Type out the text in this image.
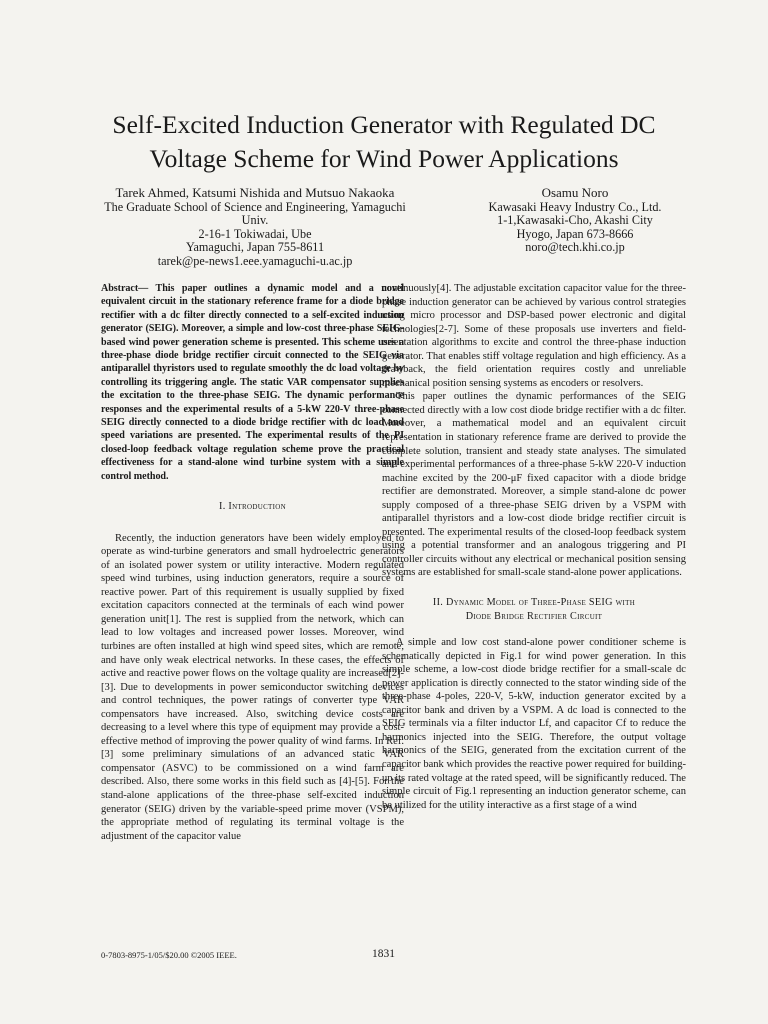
Self-Excited Induction Generator with Regulated DC
Voltage Scheme for Wind Power Applications
Tarek Ahmed, Katsumi Nishida and Mutsuo Nakaoka
The Graduate School of Science and Engineering, Yamaguchi Univ.
2-16-1 Tokiwadai, Ube
Yamaguchi, Japan 755-8611
tarek@pe-news1.eee.yamaguchi-u.ac.jp
Osamu Noro
Kawasaki Heavy Industry Co., Ltd.
1-1,Kawasaki-Cho, Akashi City
Hyogo, Japan 673-8666
noro@tech.khi.co.jp

Abstract— This paper outlines a dynamic model and a novel equivalent circuit in the stationary reference frame for a diode bridge rectifier with a dc filter directly connected to a self-excited induction generator (SEIG). Moreover, a simple and low-cost three-phase SEIG-based wind power generation scheme is presented. This scheme uses a three-phase diode bridge rectifier circuit connected to the SEIG via antiparallel thyristors used to regulate smoothly the dc load voltage by controlling its triggering angle. The static VAR compensator supplies the excitation to the three-phase SEIG. The dynamic performance responses and the experimental results of a 5-kW 220-V three-phase SEIG directly connected to a diode bridge rectifier with dc load and speed variations are presented. The experimental results of the PI closed-loop feedback voltage regulation scheme prove the practical effectiveness for a stand-alone wind turbine system with a simple control method.

I. Introduction

Recently, the induction generators have been widely employed to operate as wind-turbine generators and small hydroelectric generators of an isolated power system or utility interactive. Modern regulated speed wind turbines, using induction generators, require a source of reactive power. Part of this requirement is usually supplied by fixed excitation capacitors connected at the terminals of each wind power generation unit[1]. The rest is supplied from the network, which can lead to low voltages and increased power losses. Moreover, wind turbines are often installed at high wind speed sites, which are remote, and have only weak electrical networks. In these cases, the effects of active and reactive power flows on the voltage quality are increased[2]-[3]. Due to developments in power semiconductor switching devices and control techniques, the power ratings of converter type VAR compensators have increased. Also, switching device costs are decreasing to a level where this type of equipment may provide a cost-effective method of improving the power quality of wind farms. In Ref. [3] some preliminary simulations of an advanced static VAR compensator (ASVC) to be commissioned on a wind farm are described. Also, there some works in this field such as [4]-[5]. For the stand-alone applications of the three-phase self-excited induction generator (SEIG) driven by the variable-speed prime mover (VSPM), the appropriate method of regulating its terminal voltage is the adjustment of the capacitor value

continuously[4]. The adjustable excitation capacitor value for the three-phase induction generator can be achieved by various control strategies using micro processor and DSP-based power electronic and digital technologies[2-7]. Some of these proposals use inverters and field-orientation algorithms to excite and control the three-phase induction generator. That enables stiff voltage regulation and high efficiency. As a drawback, the field orientation requires costly and unreliable mechanical position sensing systems as encoders or resolvers.

This paper outlines the dynamic performances of the SEIG connected directly with a low cost diode bridge rectifier with a dc filter. Moreover, a mathematical model and an equivalent circuit representation in stationary reference frame are derived to provide the complete solution, transient and steady state analyses. The simulated and experimental performances of a three-phase 5-kW 220-V induction machine excited by the 200-μF fixed capacitor with a diode bridge rectifier are demonstrated. Moreover, a simple stand-alone dc power supply composed of a three-phase SEIG driven by a VSPM with antiparallel thyristors and a low-cost diode bridge rectifier circuit is presented. The experimental results of the closed-loop feedback system using a potential transformer and an analogous triggering and PI controller circuits without any electrical or mechanical position sensing systems are established for small-scale stand-alone power applications.

II. Dynamic Model of Three-Phase SEIG with
Diode Bridge Rectifier Circuit

A simple and low cost stand-alone power conditioner scheme is schematically depicted in Fig.1 for wind power generation. In this simple scheme, a low-cost diode bridge rectifier for a small-scale dc power application is directly connected to the stator winding side of the three-phase 4-poles, 220-V, 5-kW, induction generator excited by a capacitor bank and driven by a VSPM. A dc load is connected to the SEIG terminals via a filter inductor Lf, and capacitor Cf to reduce the harmonics injected into the SEIG. Therefore, the output voltage harmonics of the SEIG, generated from the excitation current of the capacitor bank which provides the reactive power required for building-up its rated voltage at the rated speed, will be significantly reduced. The simple circuit of Fig.1 representing an induction generator scheme, can be utilized for the utility interactive as a first stage of a wind

0-7803-8975-1/05/$20.00 ©2005 IEEE.	1831
